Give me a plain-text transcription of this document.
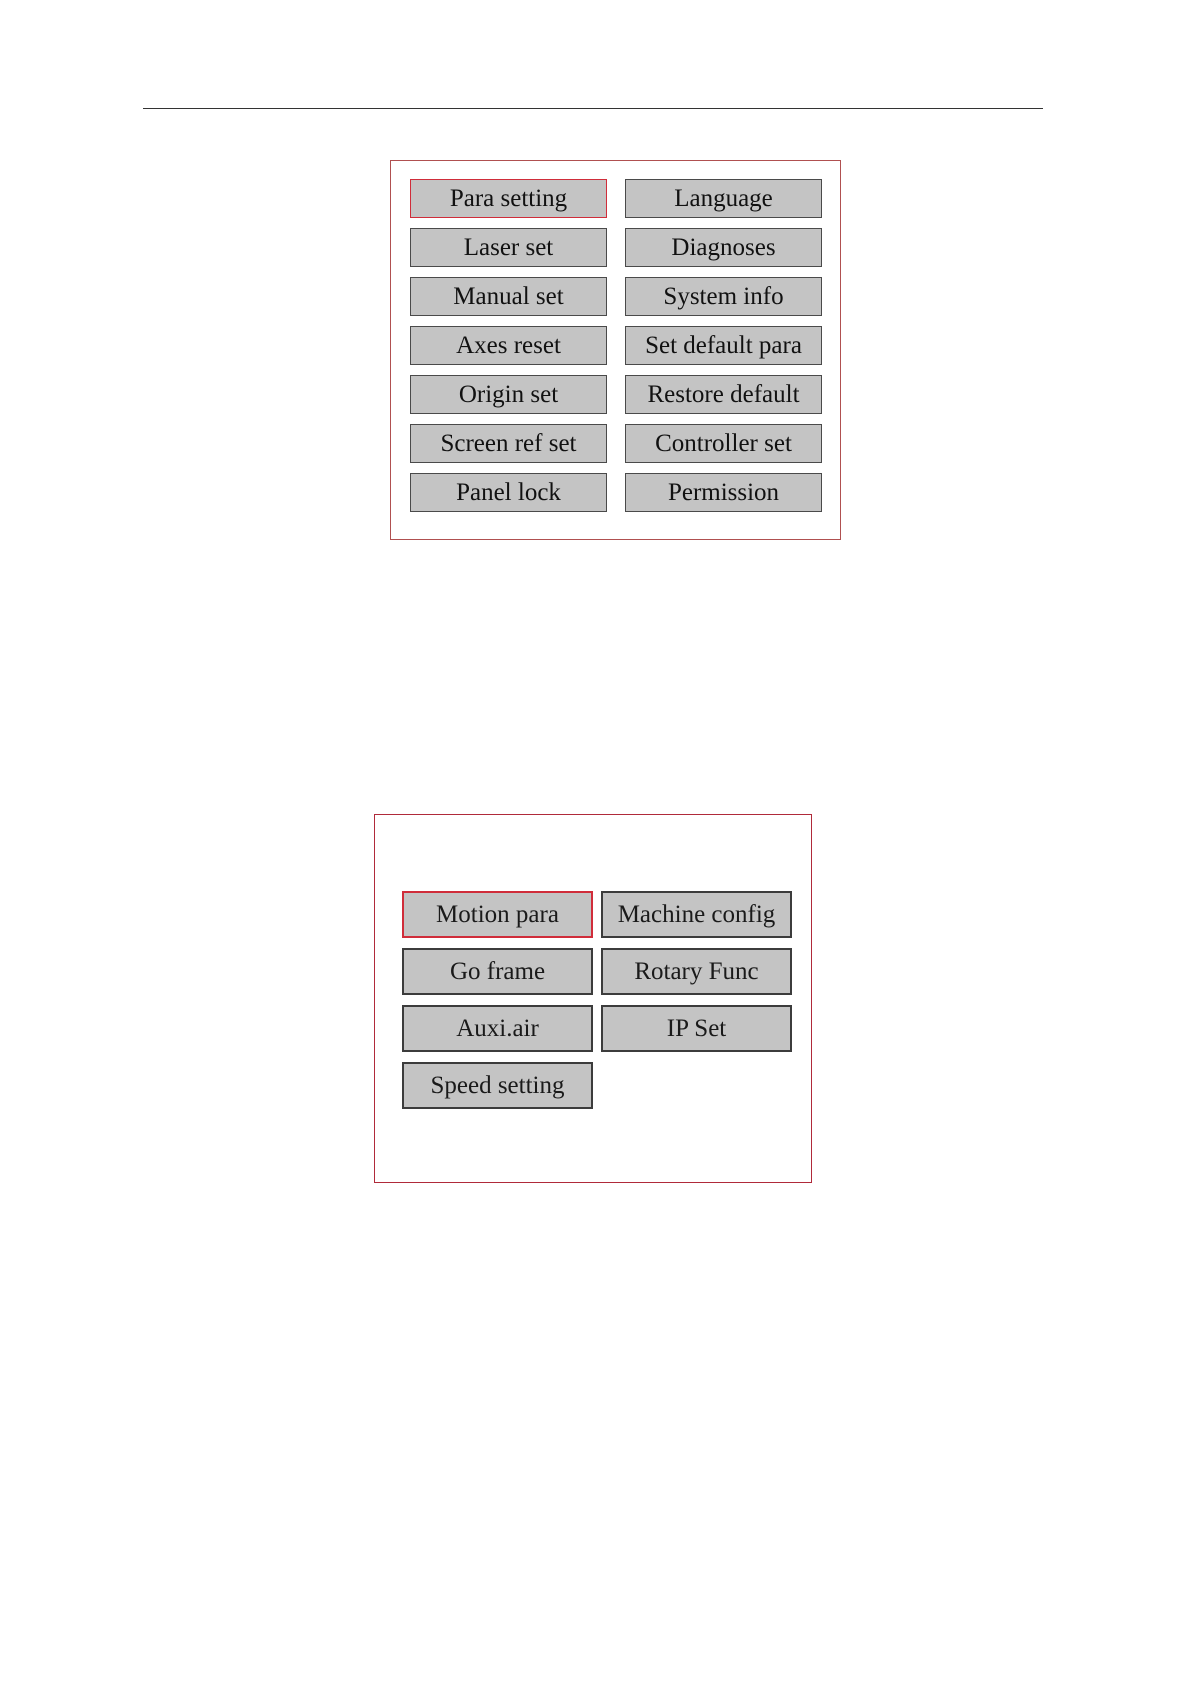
Para setting	Language
Laser set	Diagnoses
Manual set	System info
Axes reset	Set default para
Origin set	Restore default
Screen ref set	Controller set
Panel lock	Permission
Motion para	Machine config
Go frame	Rotary Func
Auxi.air	IP Set
Speed setting
